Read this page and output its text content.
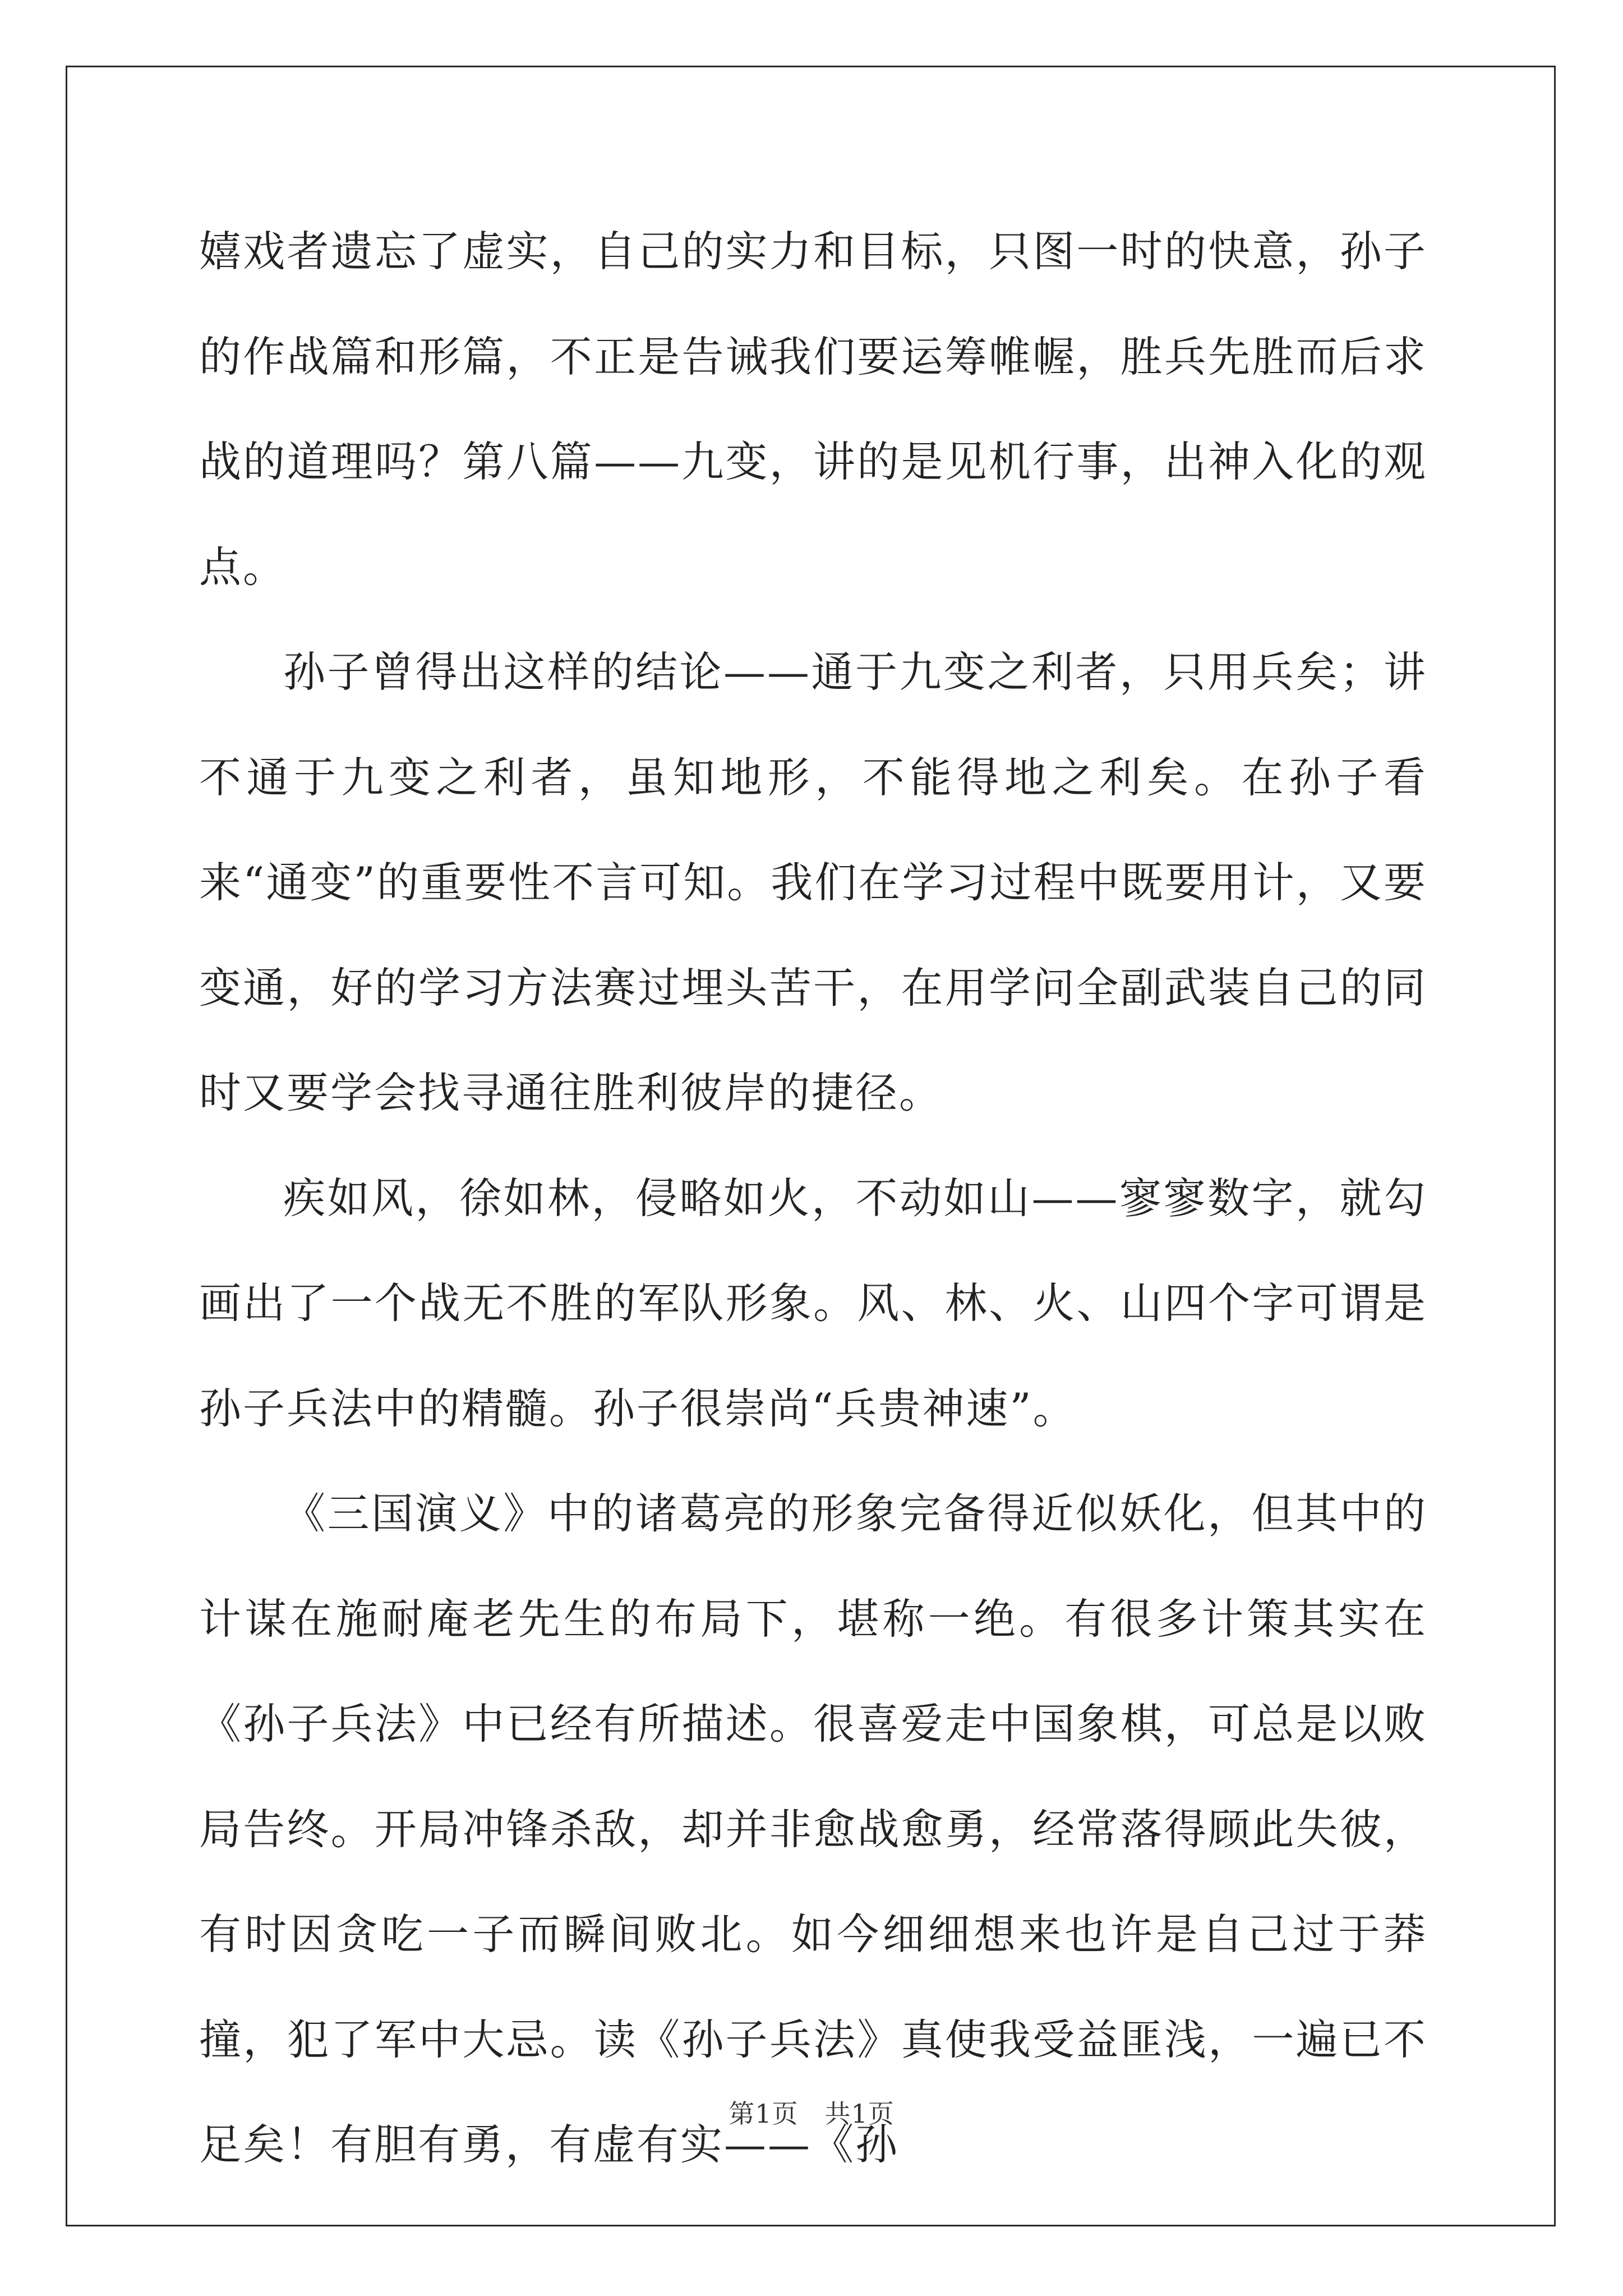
嬉戏者遗忘了虚实，自己的实力和目标，只图一时的快意，孙子的作战篇和形篇，不正是告诫我们要运筹帷幄，胜兵先胜而后求战的道理吗？第八篇——九变，讲的是见机行事，出神入化的观点。

孙子曾得出这样的结论——通于九变之利者，只用兵矣；讲不通于九变之利者，虽知地形，不能得地之利矣。在孙子看来“通变”的重要性不言可知。我们在学习过程中既要用计，又要变通，好的学习方法赛过埋头苦干，在用学问全副武装自己的同时又要学会找寻通往胜利彼岸的捷径。

疾如风，徐如林，侵略如火，不动如山——寥寥数字，就勾画出了一个战无不胜的军队形象。风、林、火、山四个字可谓是孙子兵法中的精髓。孙子很崇尚“兵贵神速”。

《三国演义》中的诸葛亮的形象完备得近似妖化，但其中的计谋在施耐庵老先生的布局下，堪称一绝。有很多计策其实在《孙子兵法》中已经有所描述。很喜爱走中国象棋，可总是以败局告终。开局冲锋杀敌，却并非愈战愈勇，经常落得顾此失彼，有时因贪吃一子而瞬间败北。如今细细想来也许是自己过于莽撞，犯了军中大忌。读《孙子兵法》真使我受益匪浅，一遍已不足矣！有胆有勇，有虚有实——《孙

第1页　共1页
